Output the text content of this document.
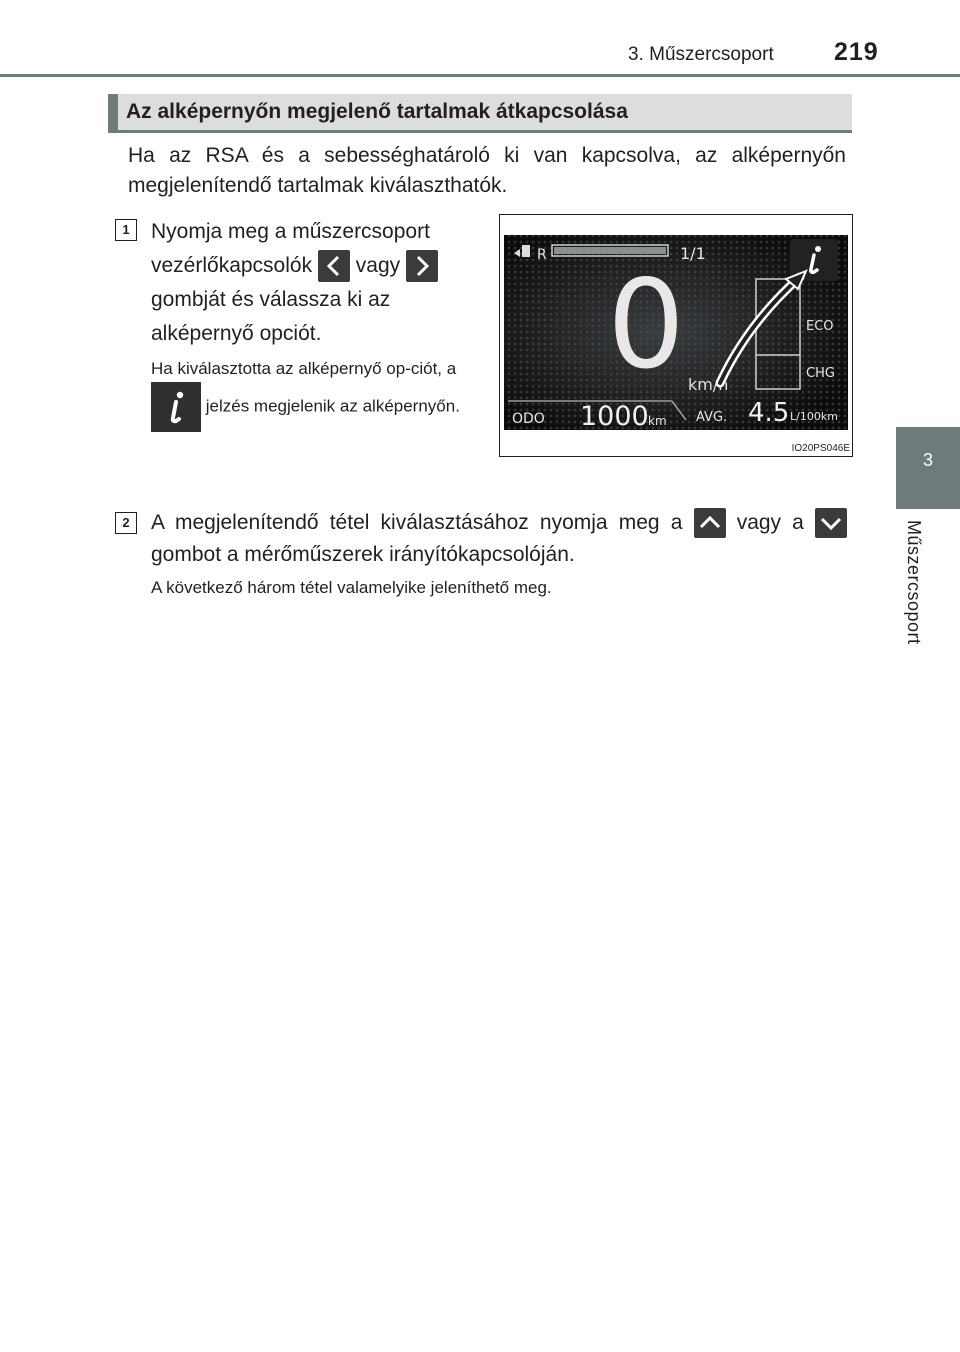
3. Műszercsoport 219
3
Műszercsoport
Az alképernyőn megjelenő tartalmak átkapcsolása
Ha az RSA és a sebességhatároló ki van kapcsolva, az alképernyőn megjelenítendő tartalmak kiválaszthatók.
1	Nyomja meg a műszercsoport vezérlőkapcsolók vagy  gombját és válassza ki az alképernyő opciót.
Ha kiválasztotta az alképernyő op-ciót, a  jelzés megjelenik az alképernyőn.
R	1/1
0 km/h
ECO
CHG
ODO 1000 km AVG. 4.5 L/100km
IO20PS046E
2	A megjelenítendő tétel kiválasztásához nyomja meg a	vagy a  gombot a mérőműszerek irányítókapcsolóján.
A következő három tétel valamelyike jeleníthető meg.
